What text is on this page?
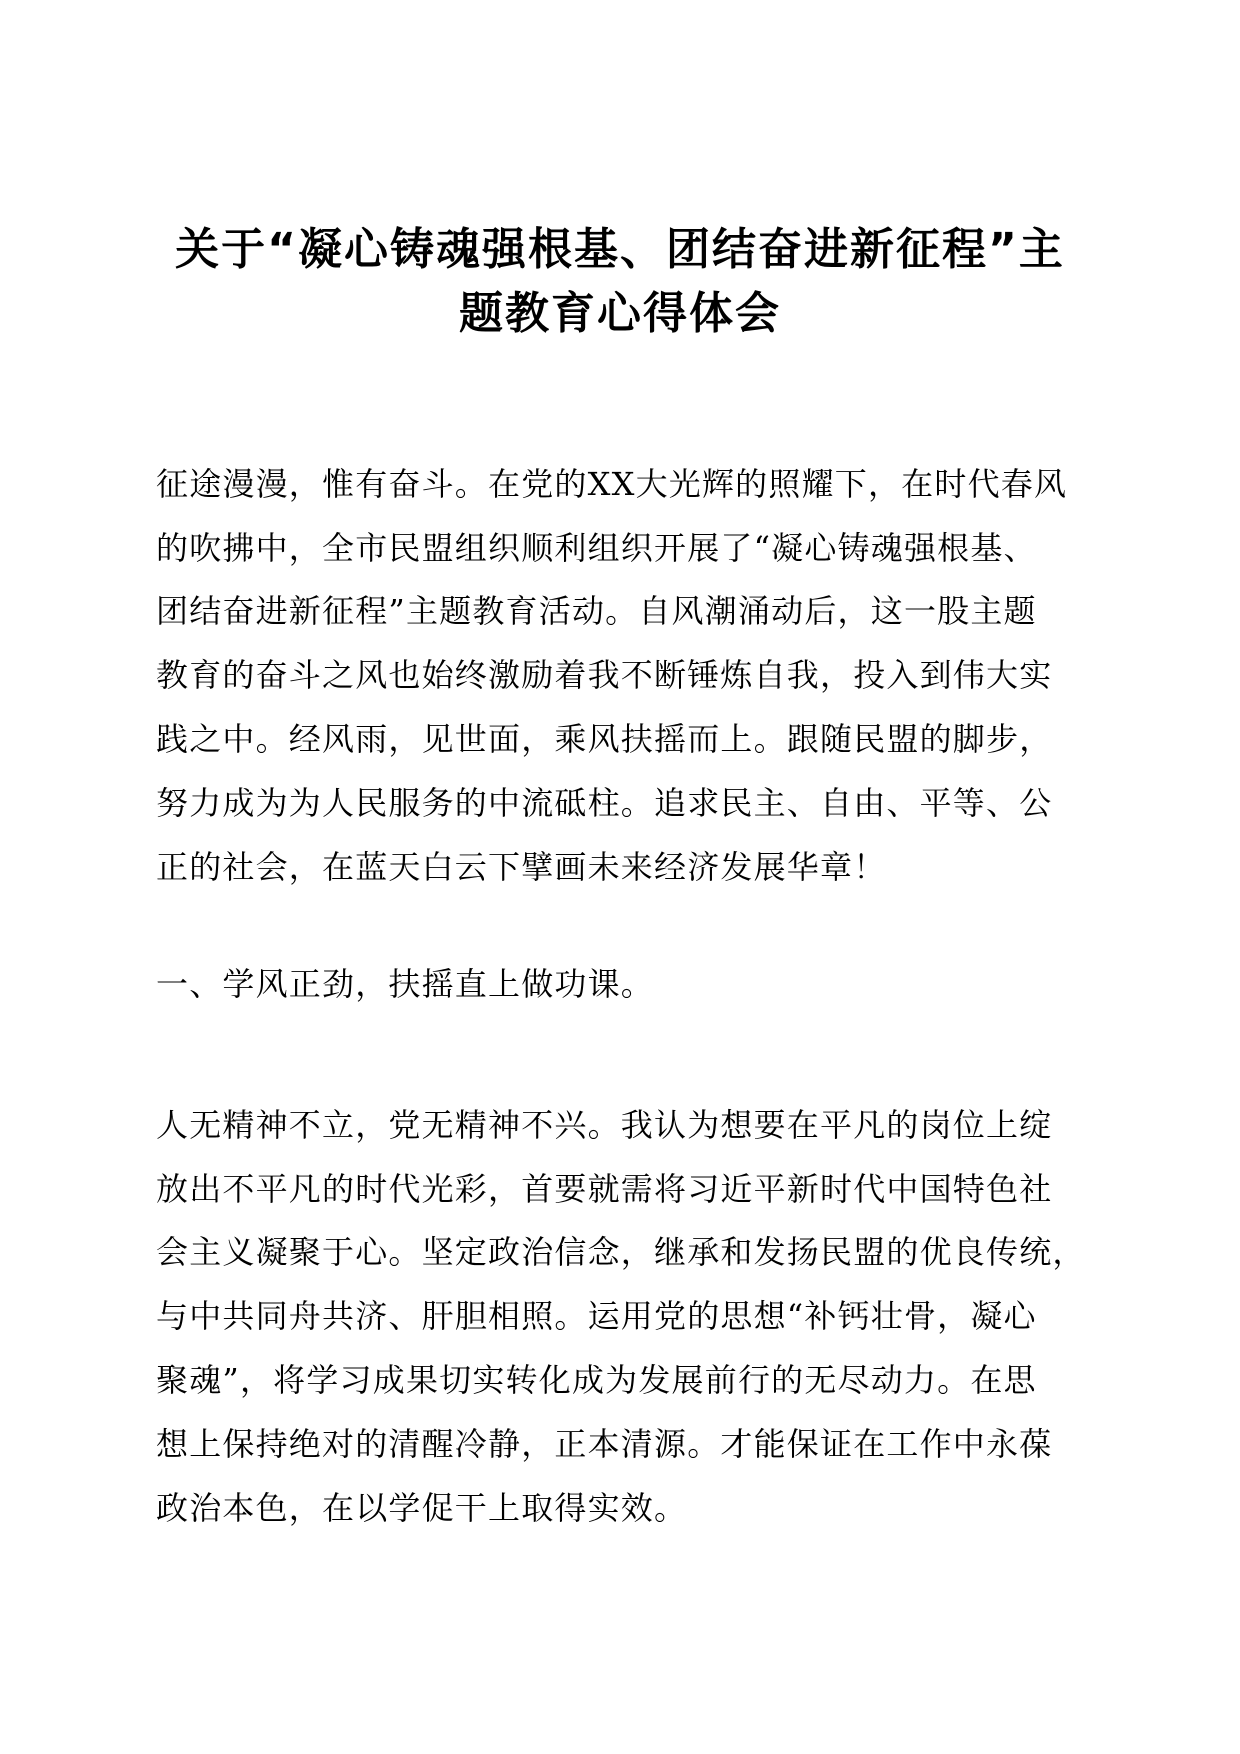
关于“凝心铸魂强根基、团结奋进新征程”主
题教育心得体会

征途漫漫，惟有奋斗。在党的XX大光辉的照耀下，在时代春风

的吹拂中，全市民盟组织顺利组织开展了“凝心铸魂强根基、

团结奋进新征程”主题教育活动。自风潮涌动后，这一股主题

教育的奋斗之风也始终激励着我不断锤炼自我，投入到伟大实

践之中。经风雨，见世面，乘风扶摇而上。跟随民盟的脚步，

努力成为为人民服务的中流砥柱。追求民主、自由、平等、公

正的社会，在蓝天白云下擘画未来经济发展华章！

一、学风正劲，扶摇直上做功课。

人无精神不立，党无精神不兴。我认为想要在平凡的岗位上绽

放出不平凡的时代光彩，首要就需将习近平新时代中国特色社

会主义凝聚于心。坚定政治信念，继承和发扬民盟的优良传统，

与中共同舟共济、肝胆相照。运用党的思想“补钙壮骨，凝心

聚魂”，将学习成果切实转化成为发展前行的无尽动力。在思

想上保持绝对的清醒冷静，正本清源。才能保证在工作中永葆

政治本色，在以学促干上取得实效。
